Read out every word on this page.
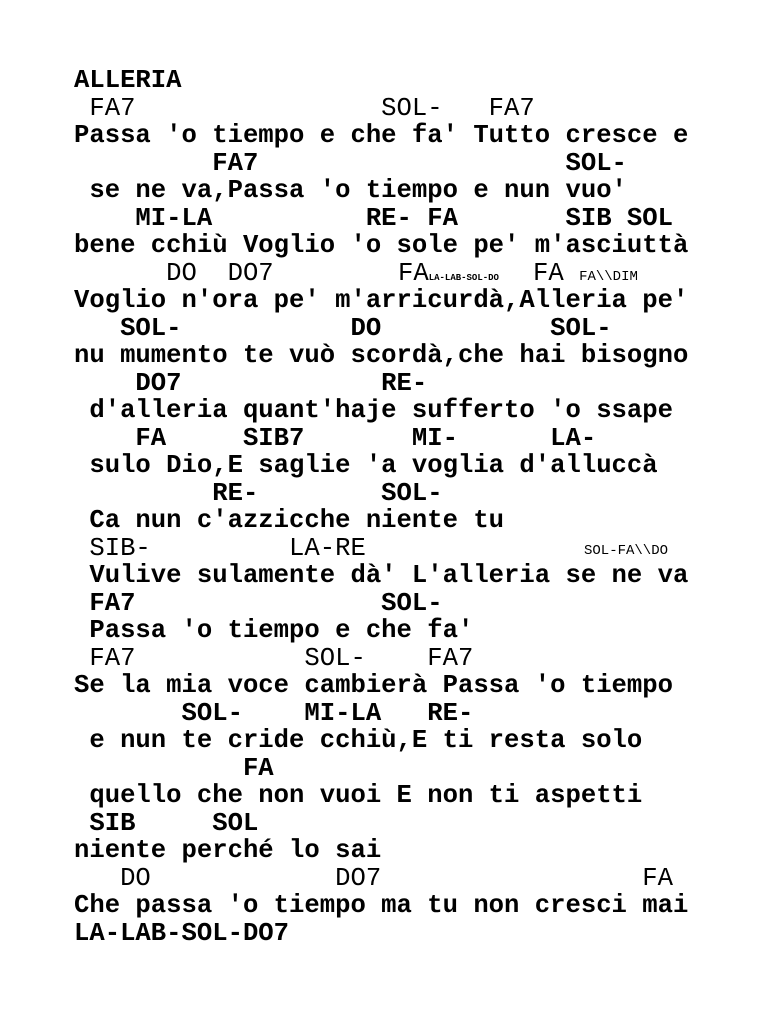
ALLERIA

FA7                SOL-   FA7

Passa 'o tiempo e che fa' Tutto cresce e

FA7                    SOL-

se ne va,Passa 'o tiempo e nun vuo'

MI-LA          RE- FA       SIB SOL

bene cchiù Voglio 'o sole pe' m'asciuttà

DO  DO7	FALA-LAB-SOL-DO FA FA\\DIM

Voglio n'ora pe' m'arricurdà,Alleria pe'

SOL-           DO           SOL-

nu mumento te vuò scordà,che hai bisogno

DO7             RE-

d'alleria quant'haje sufferto 'o ssape

FA     SIB7       MI-      LA-

sulo Dio,E saglie 'a voglia d'alluccà

RE-        SOL-

Ca nun c'azzicche niente tu

SIB-         LA-RE	SOL-FA\\DO

Vulive sulamente dà' L'alleria se ne va

FA7                SOL-

Passa 'o tiempo e che fa'

FA7           SOL-    FA7

Se la mia voce cambierà Passa 'o tiempo

SOL-    MI-LA   RE-

e nun te cride cchiù,E ti resta solo

FA

quello che non vuoi E non ti aspetti

SIB     SOL

niente perché lo sai

DO            DO7                 FA

Che passa 'o tiempo ma tu non cresci mai

LA-LAB-SOL-DO7
